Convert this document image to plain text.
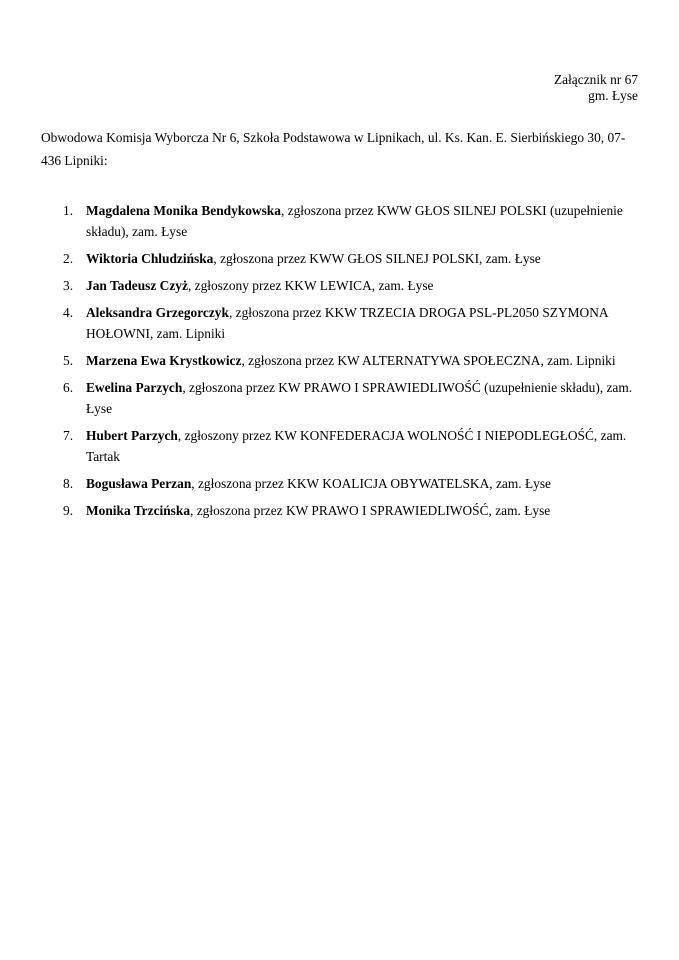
Załącznik nr 67
gm. Łyse
Obwodowa Komisja Wyborcza Nr 6, Szkoła Podstawowa w Lipnikach, ul. Ks. Kan. E. Sierbińskiego 30, 07-436 Lipniki:
1. Magdalena Monika Bendykowska, zgłoszona przez KWW GŁOS SILNEJ POLSKI (uzupełnienie składu), zam. Łyse
2. Wiktoria Chludzińska, zgłoszona przez KWW GŁOS SILNEJ POLSKI, zam. Łyse
3. Jan Tadeusz Czyż, zgłoszony przez KKW LEWICA, zam. Łyse
4. Aleksandra Grzegorczyk, zgłoszona przez KKW TRZECIA DROGA PSL-PL2050 SZYMONA HOŁOWNI, zam. Lipniki
5. Marzena Ewa Krystkowicz, zgłoszona przez KW ALTERNATYWA SPOŁECZNA, zam. Lipniki
6. Ewelina Parzych, zgłoszona przez KW PRAWO I SPRAWIEDLIWOŚĆ (uzupełnienie składu), zam. Łyse
7. Hubert Parzych, zgłoszony przez KW KONFEDERACJA WOLNOŚĆ I NIEPODLEGŁOŚĆ, zam. Tartak
8. Bogusława Perzan, zgłoszona przez KKW KOALICJA OBYWATELSKA, zam. Łyse
9. Monika Trzcińska, zgłoszona przez KW PRAWO I SPRAWIEDLIWOŚĆ, zam. Łyse
